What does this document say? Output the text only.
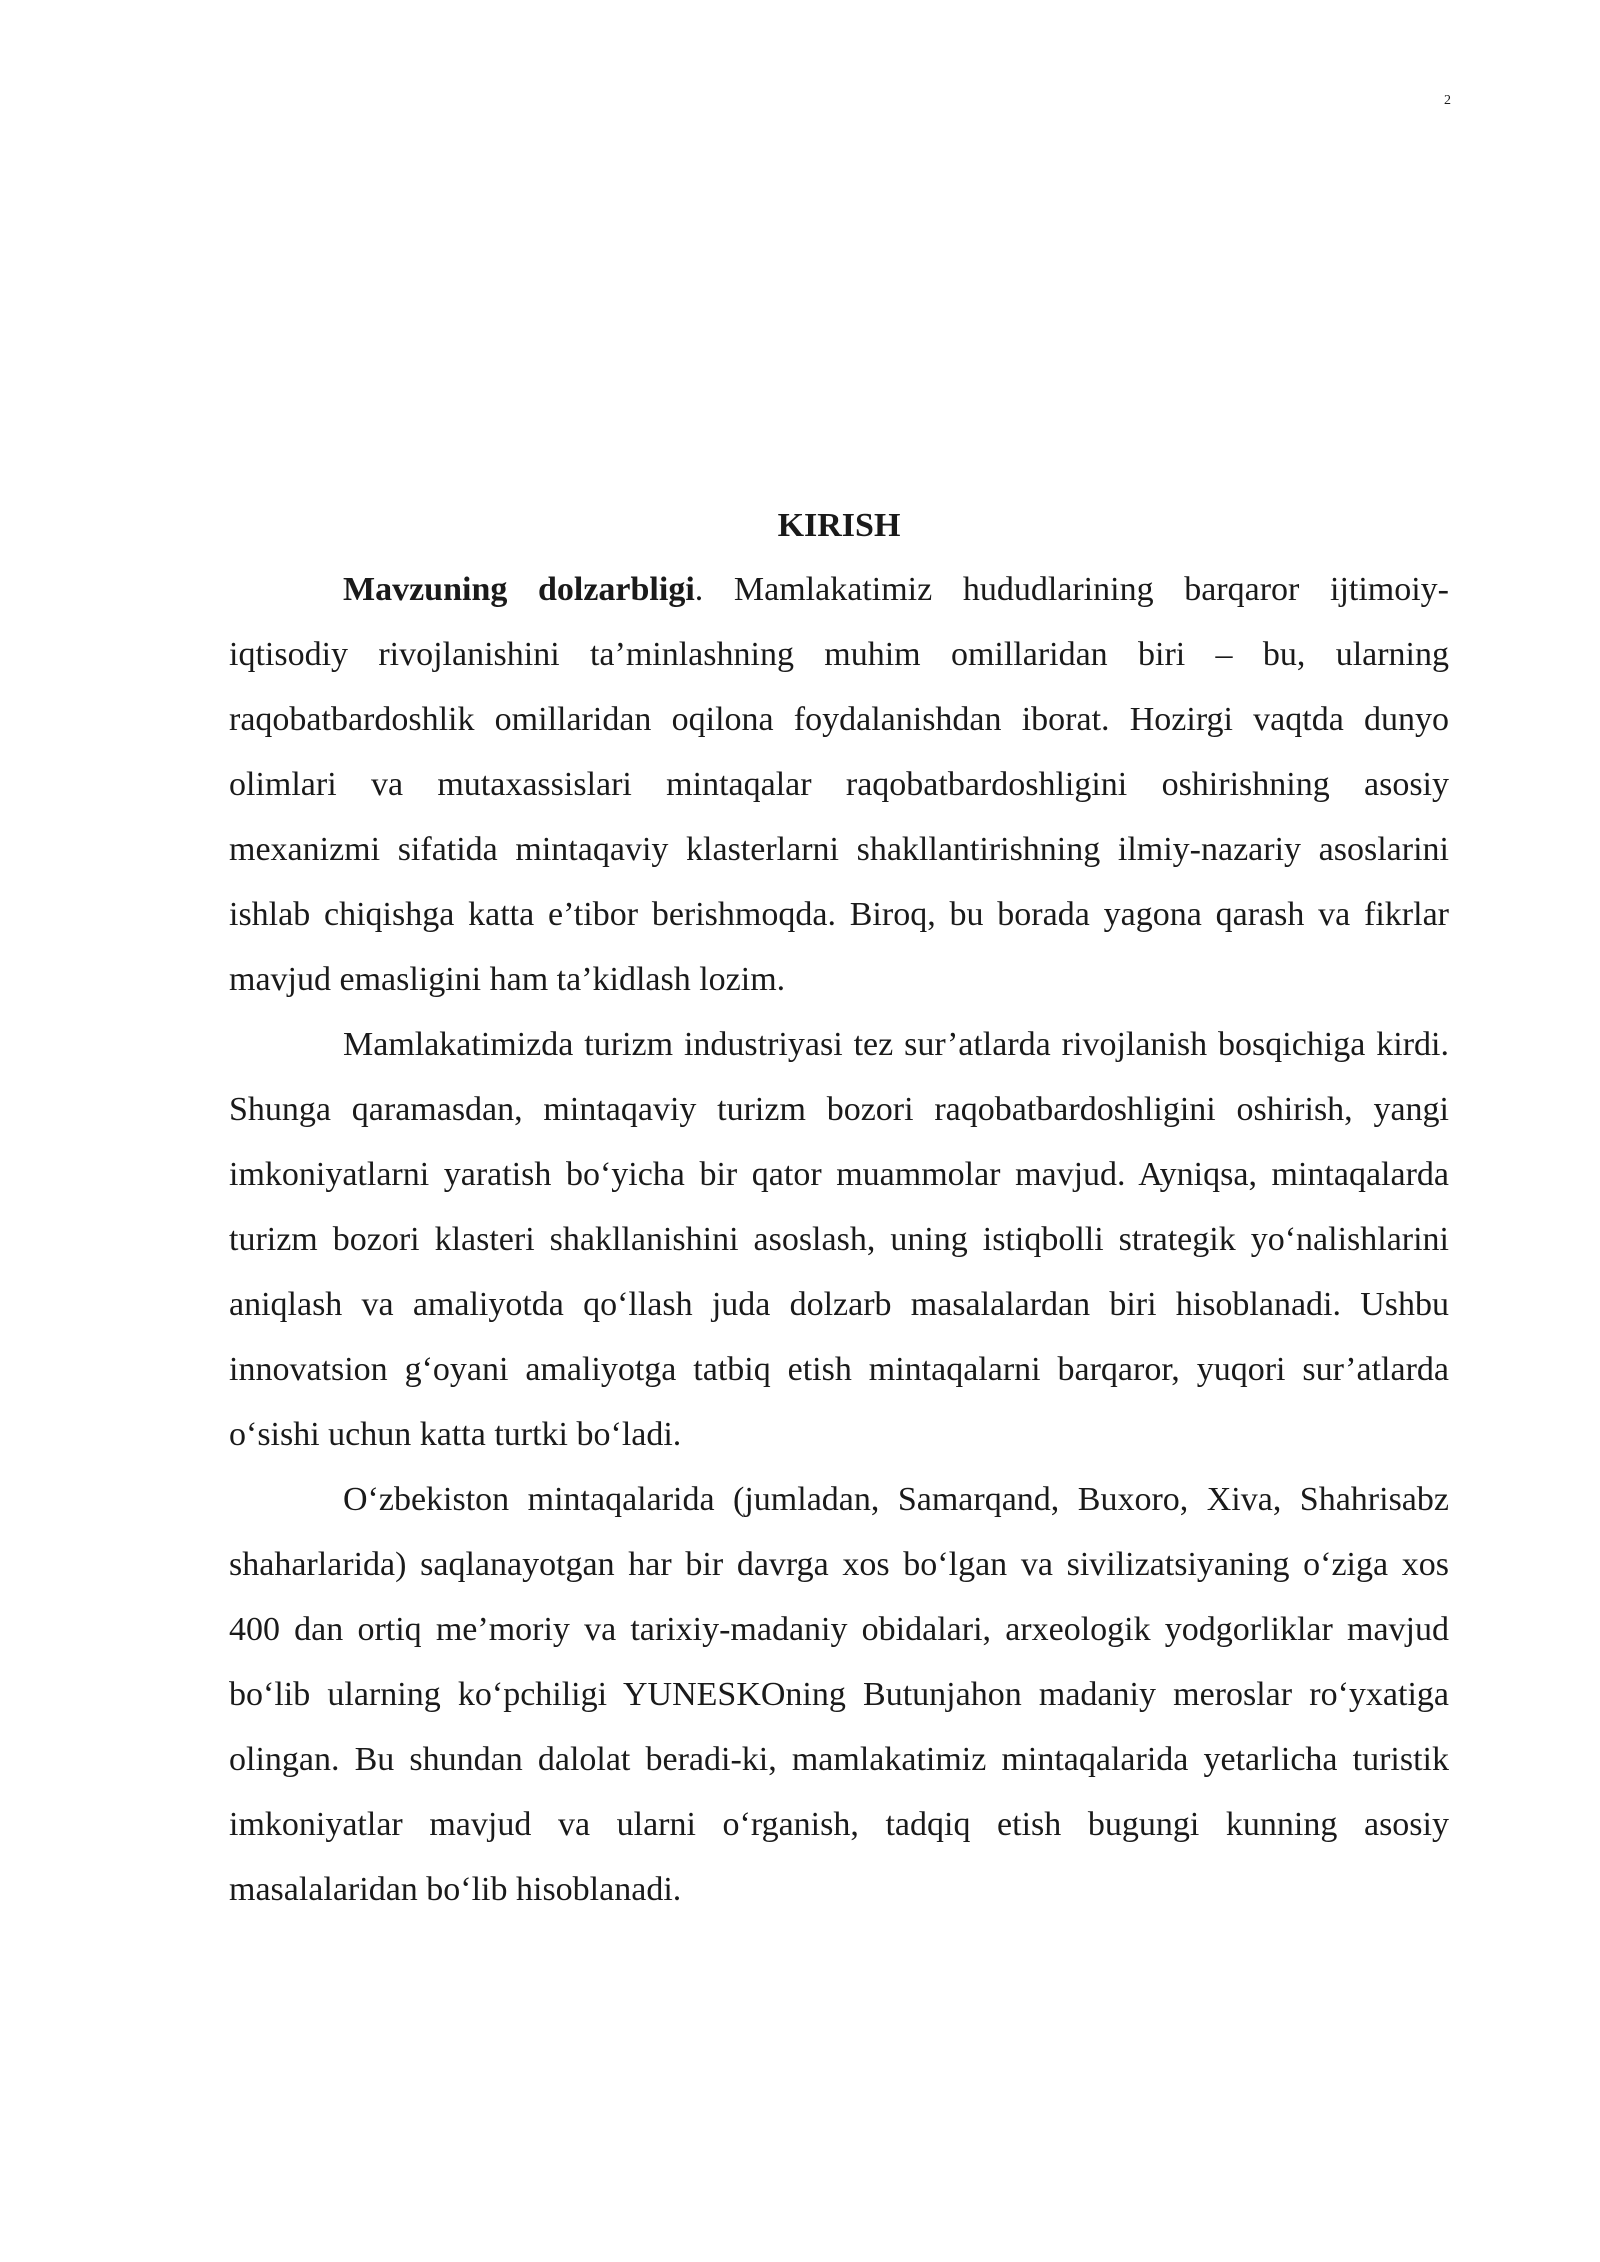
2
KIRISH

Mavzuning dolzarbligi. Mamlakatimiz hududlarining barqaror ijtimoiy-iqtisodiy rivojlanishini ta’minlashning muhim omillaridan biri – bu, ularning raqobatbardoshlik omillaridan oqilona foydalanishdan iborat. Hozirgi vaqtda dunyo olimlari va mutaxassislari mintaqalar raqobatbardoshligini oshirishning asosiy mexanizmi sifatida mintaqaviy klasterlarni shakllantirishning ilmiy-nazariy asoslarini ishlab chiqishga katta e’tibor berishmoqda. Biroq, bu borada yagona qarash va fikrlar mavjud emasligini ham ta’kidlash lozim.

Mamlakatimizda turizm industriyasi tez sur’atlarda rivojlanish bosqichiga kirdi. Shunga qaramasdan, mintaqaviy turizm bozori raqobatbardoshligini oshirish, yangi imkoniyatlarni yaratish bo‘yicha bir qator muammolar mavjud. Ayniqsa, mintaqalarda turizm bozori klasteri shakllanishini asoslash, uning istiqbolli strategik yo‘nalishlarini aniqlash va amaliyotda qo‘llash juda dolzarb masalalardan biri hisoblanadi. Ushbu innovatsion g‘oyani amaliyotga tatbiq etish mintaqalarni barqaror, yuqori sur’atlarda o‘sishi uchun katta turtki bo‘ladi.

O‘zbekiston mintaqalarida (jumladan, Samarqand, Buxoro, Xiva, Shahrisabz shaharlarida) saqlanayotgan har bir davrga xos bo‘lgan va sivilizatsiyaning o‘ziga xos 400 dan ortiq me’moriy va tarixiy-madaniy obidalari, arxeologik yodgorliklar mavjud bo‘lib ularning ko‘pchiligi YUNESKOning Butunjahon madaniy meroslar ro‘yxatiga olingan. Bu shundan dalolat beradi-ki, mamlakatimiz mintaqalarida yetarlicha turistik imkoniyatlar mavjud va ularni o‘rganish, tadqiq etish bugungi kunning asosiy masalalaridan bo‘lib hisoblanadi.
